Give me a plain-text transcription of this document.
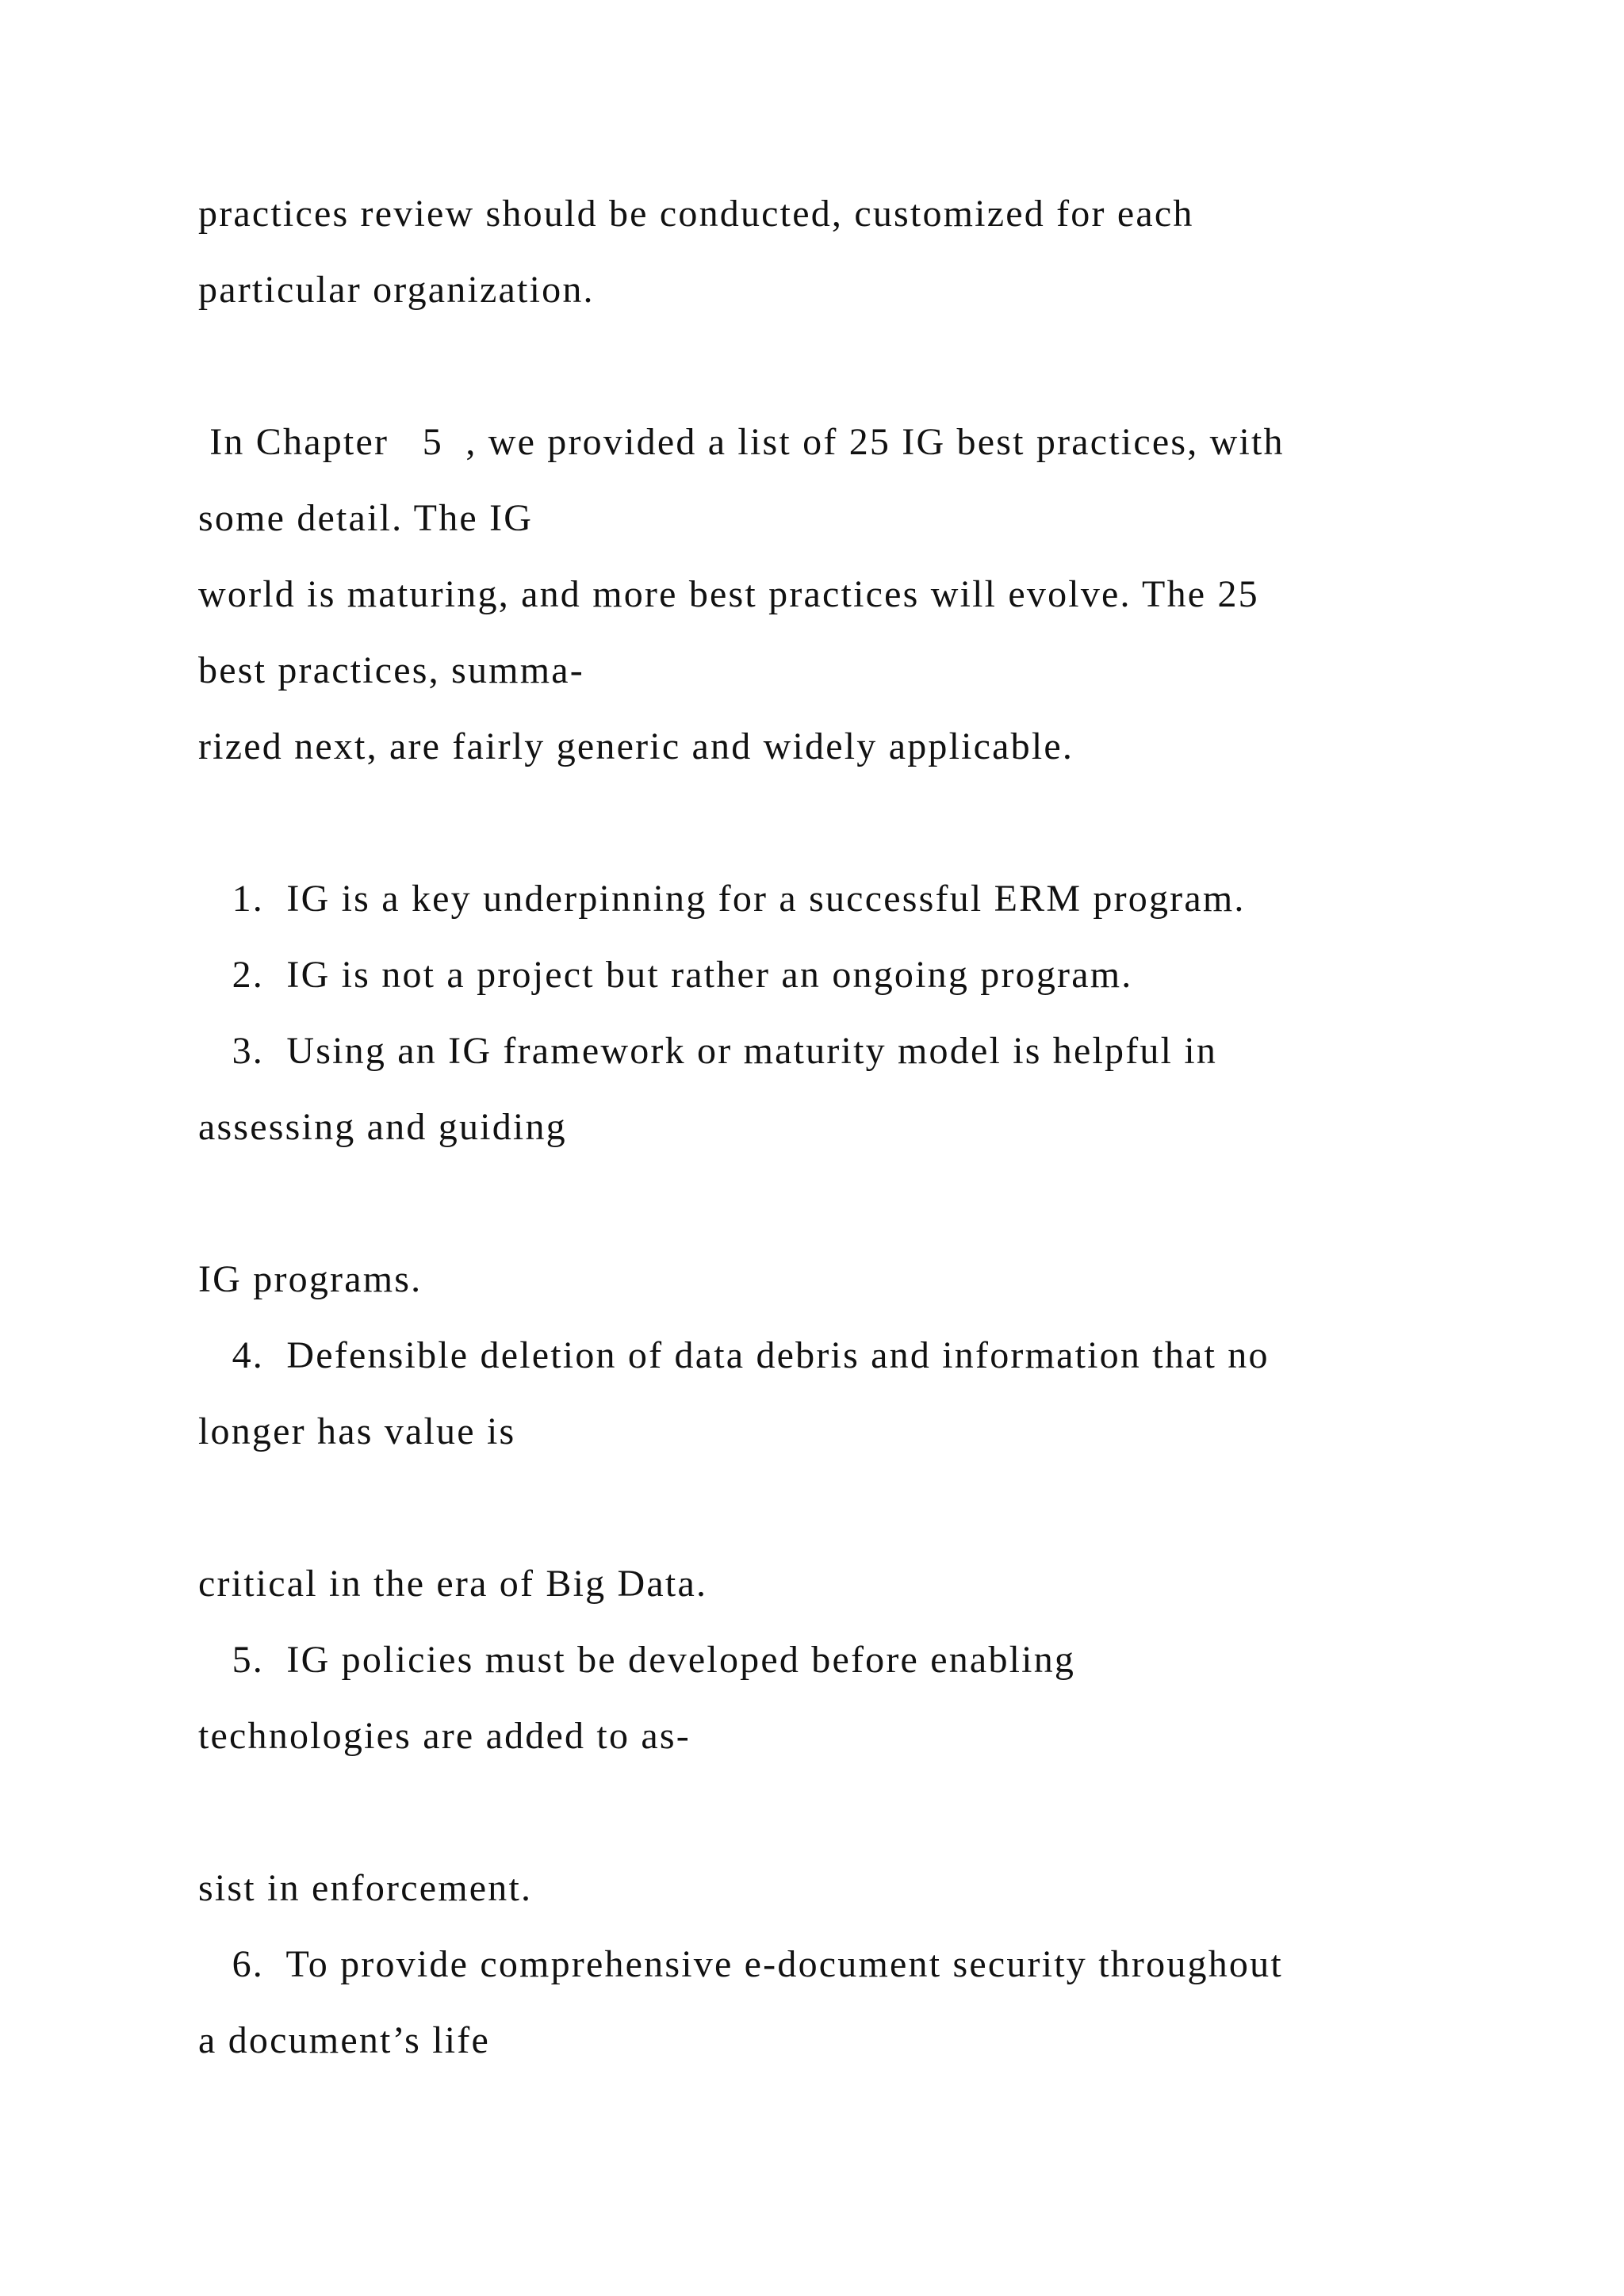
practices review should be conducted, customized for each

particular organization.

In Chapter   5  , we provided a list of 25 IG best practices, with

some detail. The IG

world is maturing, and more best practices will evolve. The 25

best practices, summa-

rized next, are fairly generic and widely applicable.

1.  IG is a key underpinning for a successful ERM program.

2.  IG is not a project but rather an ongoing program.

3.  Using an IG framework or maturity model is helpful in

assessing and guiding

IG programs.

4.  Defensible deletion of data debris and information that no

longer has value is

critical in the era of Big Data.

5.  IG policies must be developed before enabling

technologies are added to as-

sist in enforcement.

6.  To provide comprehensive e-document security throughout

a document’s life
